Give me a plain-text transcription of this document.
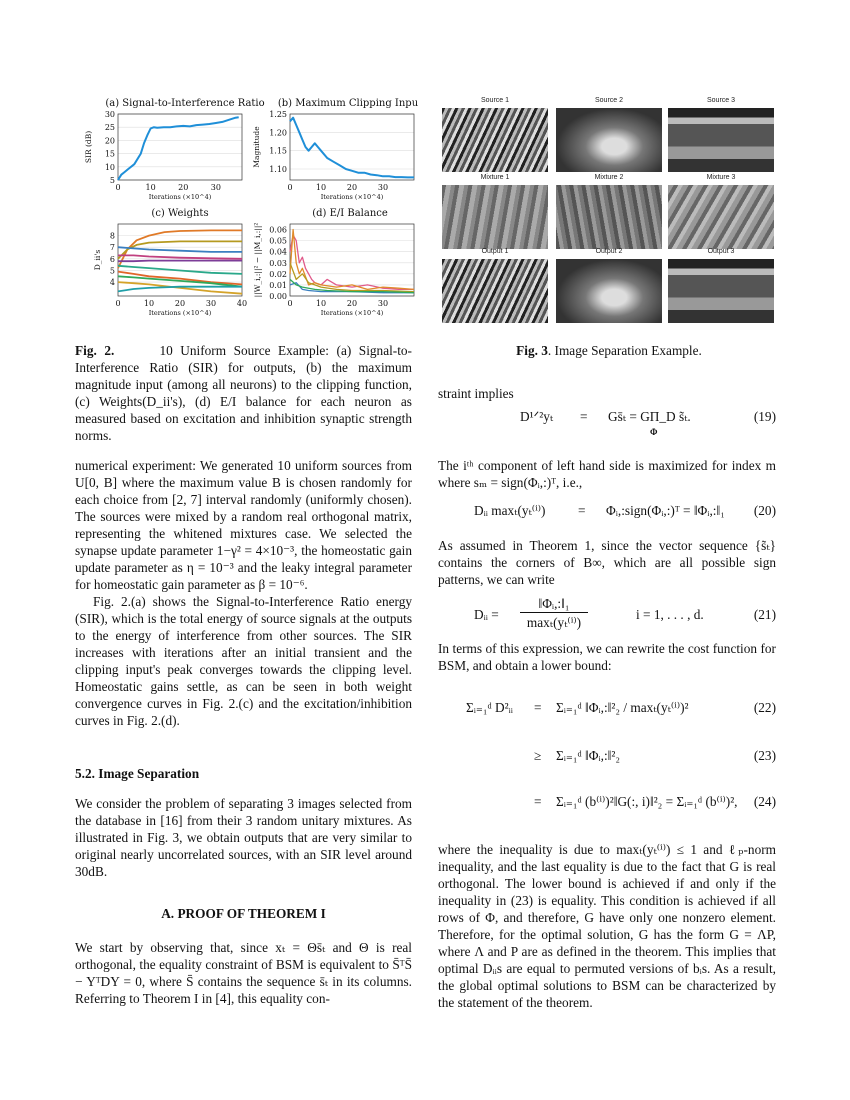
(a) Signal-to-Interference Ratio	(b) Maximum Clipping Inpu
(c) Weights	(d) E/I Balance
5
10
15
20
25
30
0	10	20	30
Iterations (×10^4)
SIR (dB)
1.10
1.15
1.20
1.25
0	10	20	30
Iterations (×10^4)
Magnitude
4
5
6
7
8
0	10	20	30	40
Iterations (×10^4)
D_ii's
0.00
0.01
0.02
0.03
0.04
0.05
0.06
0	10	20	30
Iterations (×10^4)
||W_i,:||² − ||M_i,:||²
Fig. 2.	10 Uniform Source Example: (a) Signal-to-Interference Ratio (SIR) for outputs, (b) the maximum magnitude input (among all neurons) to the clipping function, (c) Weights(D_ii's), (d) E/I balance for each neuron as measured based on excitation and inhibition synaptic strength norms.
Source 1	Source 2	Source 3
Mixture 1	Mixture 2	Mixture 3
Output 1	Output 2	Output 3
Fig. 3. Image Separation Example.

numerical experiment: We generated 10 uniform sources from U[0, B] where the maximum value B is chosen randomly for each choice from [2, 7] interval randomly (uniformly chosen). The sources were mixed by a random real orthogonal matrix, representing the whitened mixtures case. We selected the synapse update parameter 1−γ² = 4×10⁻³, the homeostatic gain update parameter as η = 10⁻³ and the leaky integral parameter for homeostatic gain parameter as β = 10⁻⁶.

Fig. 2.(a) shows the Signal-to-Interference Ratio energy (SIR), which is the total energy of source signals at the outputs to the energy of interference from other sources. The SIR increases with iterations after an initial transient and the clipping input's peak converges towards the clipping level. Homeostatic gains settle, as can be seen in both weight convergence curves in Fig. 2.(c) and the excitation/inhibition curves in Fig. 2.(d).

5.2. Image Separation
We consider the problem of separating 3 images selected from the database in [16] from their 3 random unitary mixtures. As illustrated in Fig. 3, we obtain outputs that are very similar to original nearly uncorrelated sources, with an SIR level around 30dB.
A. PROOF OF THEOREM I
We start by observing that, since xₜ = Θs̄ₜ and Θ is real orthogonal, the equality constraint of BSM is equivalent to S̄ᵀS̄ − YᵀDY = 0, where S̄ contains the sequence s̄ₜ in its columns. Referring to Theorem I in [4], this equality con-
straint implies
D¹ᐟ²yₜ = Gs̄ₜ = GΠ_D s̃ₜ.
Φ
(19)
The iᵗʰ component of left hand side is maximized for index m where sₘ = sign(Φᵢ,:)ᵀ, i.e.,
Dᵢᵢ maxₜ(yₜ⁽ⁱ⁾) = Φᵢ,:sign(Φᵢ,:)ᵀ = ‖Φᵢ,:‖₁ (20)
As assumed in Theorem 1, since the vector sequence {s̃ₜ} contains the corners of B∞, which are all possible sign patterns, we can write
Dᵢᵢ =
‖Φᵢ,:‖₁
maxₜ(yₜ⁽ⁱ⁾)
i = 1, . . . , d.	(21)
In terms of this expression, we can rewrite the cost function for BSM, and obtain a lower bound:
Σᵢ₌₁ᵈ D²ᵢᵢ = Σᵢ₌₁ᵈ ‖Φᵢ,:‖²₂ / maxₜ(yₜ⁽ⁱ⁾)²	(22)
≥ Σᵢ₌₁ᵈ ‖Φᵢ,:‖²₂	(23)
= Σᵢ₌₁ᵈ (b⁽ⁱ⁾)²‖G(:, i)‖²₂ = Σᵢ₌₁ᵈ (b⁽ⁱ⁾)², (24)
where the inequality is due to maxₜ(yₜ⁽ⁱ⁾) ≤ 1 and ℓₚ-norm inequality, and the last equality is due to the fact that G is real orthogonal. The lower bound is achieved if and only if the inequality in (23) is equality. This condition is achieved if all rows of Φ, and therefore, G have only one nonzero element. Therefore, for the optimal solution, G has the form G = ΛP, where Λ and P are as defined in the theorem. This implies that optimal Dᵢᵢs are equal to permuted versions of bᵢs. As a result, the global optimal solutions to BSM can be characterized by the statement of the theorem.
